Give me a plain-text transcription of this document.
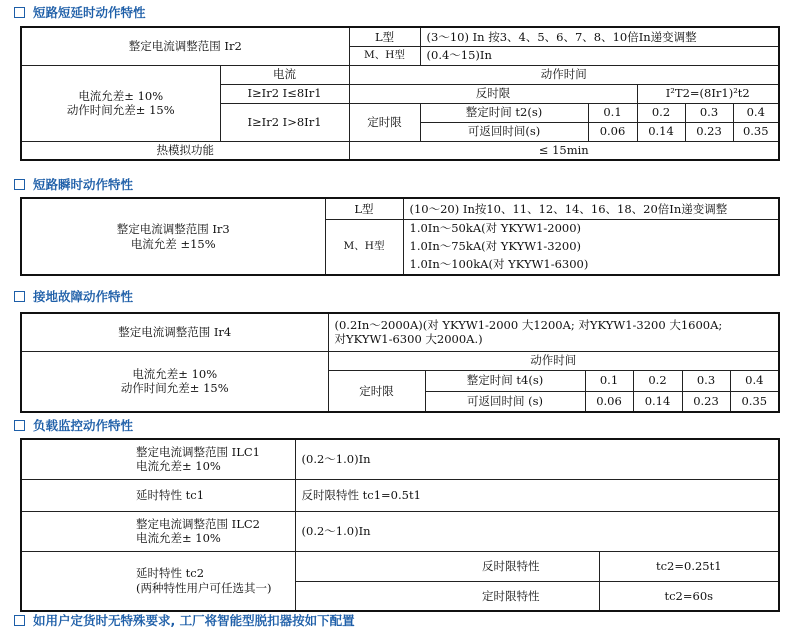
短路短延时动作特性
整定电流调整范围 Ir2		L型	(3～10) In 按3、4、5、6、7、8、10倍In递变调整				
		M、H型	(0.4～15)In				

电流允差± 10%
动作时间允差± 15%	电流	动作时间					
	I≥Ir2 I≤8Ir1	反时限			I²T2=(8Ir1)²t2		
	I≥Ir2 I>8Ir1	定时限	整定时间 t2(s)	0.1	0.2	0.3	0.4
			可返回时间(s)	0.06	0.14	0.23	0.35
热模拟功能		≤ 15min					
短路瞬时动作特性
整定电流调整范围 Ir3
电流允差 ±15%	L型	(10～20) In按10、11、12、14、16、18、20倍In递变调整
	M、H型	1.0In～50kA(对 YKYW1-2000)
1.0In～75kA(对 YKYW1-3200)
1.0In～100kA(对 YKYW1-6300)
接地故障动作特性
整定电流调整范围 Ir4	(0.2In～2000A)(对 YKYW1-2000 大1200A; 对YKYW1-3200 大1600A;
对YKYW1-6300 大2000A.)					

电流允差± 10%
动作时间允差± 15%	动作时间					
	定时限	整定时间 t4(s)	0.1	0.2	0.3	0.4
		可返回时间 (s)	0.06	0.14	0.23	0.35
负载监控动作特性
整定电流调整范围 ILC1
电流允差± 10%	(0.2～1.0)In		
延时特性 tc1	反时限特性 tc1=0.5t1		

整定电流调整范围 ILC2
电流允差± 10%	(0.2～1.0)In		

延时特性 tc2
(两种特性用户可任选其一)		反时限特性	tc2=0.25t1
		定时限特性	tc2=60s
如用户定货时无特殊要求, 工厂将智能型脱扣器按如下配置
